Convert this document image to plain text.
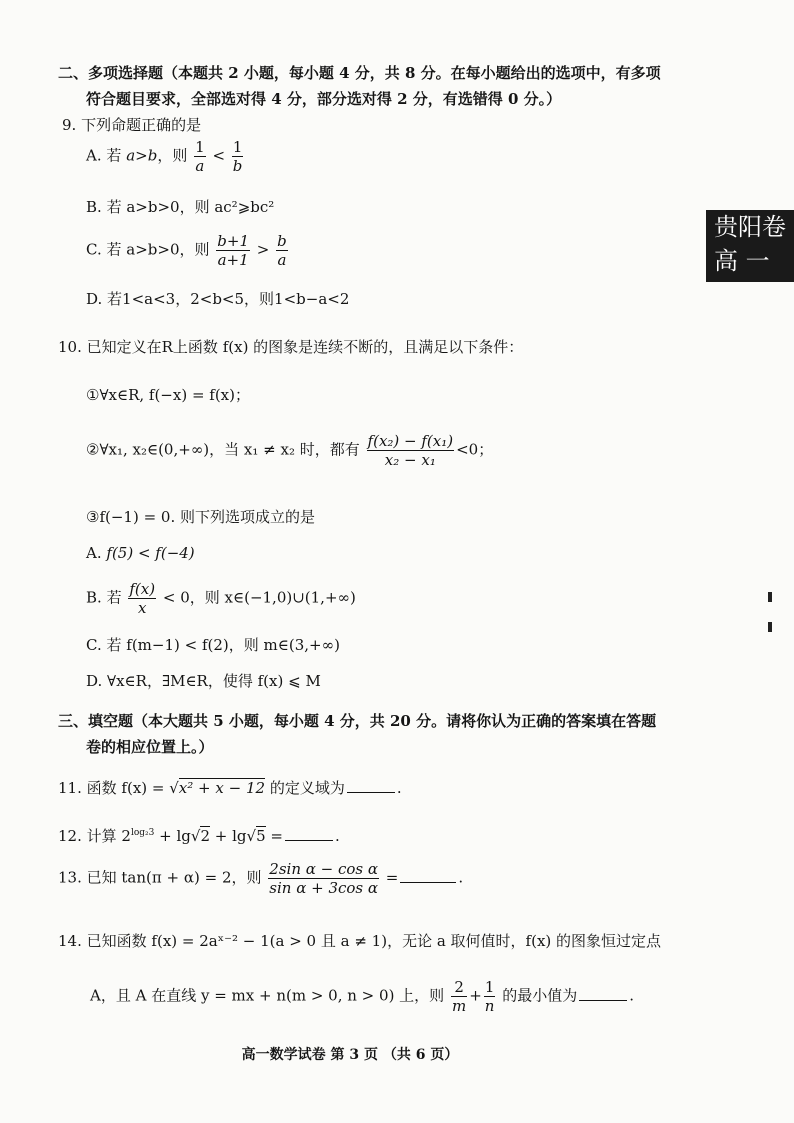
二、多项选择题（本题共 2 小题，每小题 4 分，共 8 分。在每小题给出的选项中，有多项
符合题目要求，全部选对得 4 分，部分选对得 2 分，有选错得 0 分。）
9. 下列命题正确的是
A. 若 a>b，则 $\frac{1}{a} < \frac{1}{b}$
B. 若 a>b>0，则 ac²⩾bc²
C. 若 a>b>0，则 $\frac{b+1}{a+1} > \frac{b}{a}$
D. 若1<a<3，2<b<5，则1<b−a<2
10. 已知定义在R上函数 f(x) 的图象是连续不断的，且满足以下条件：
①∀x∈R, f(−x) = f(x)；
②∀x₁, x₂∈(0,+∞)，当 x₁ ≠ x₂ 时，都有 $\frac{\text{f(x₂) − f(x₁)}}{\text{x₂ − x₁}} <0$；
③f(−1) = 0. 则下列选项成立的是
A. f(5) < f(−4)
B. 若 $\frac{f(x)}{x} < 0$，则 x∈(−1,0)∪(1,+∞)
C. 若 f(m−1) < f(2)，则 m∈(3,+∞)
D. ∀x∈R，∃M∈R，使得 f(x) ⩽ M
三、填空题（本大题共 5 小题，每小题 4 分，共 20 分。请将你认为正确的答案填在答题
卷的相应位置上。）
11. 函数 f(x) = √x² + x − 12 的定义域为	.
12. 计算 $2^{log_23} + \lg√2 + \lg√5$ =	.
13. 已知 tan(π + α) = 2，则 $\frac{\text{2sin α − cos α}}{\text{sin α + 3cos α}}$ =	.
14. 已知函数 f(x) = 2aˣ⁻² − 1(a > 0 且 a ≠ 1)，无论 a 取何值时，f(x) 的图象恒过定点
A，且 A 在直线 y = mx + n(m > 0, n > 0) 上，则 $\frac{2}{m} + \frac{1}{n}$ 的最小值为	.
贵阳卷
高 一
高一数学试卷 第 3 页 （共 6 页）
